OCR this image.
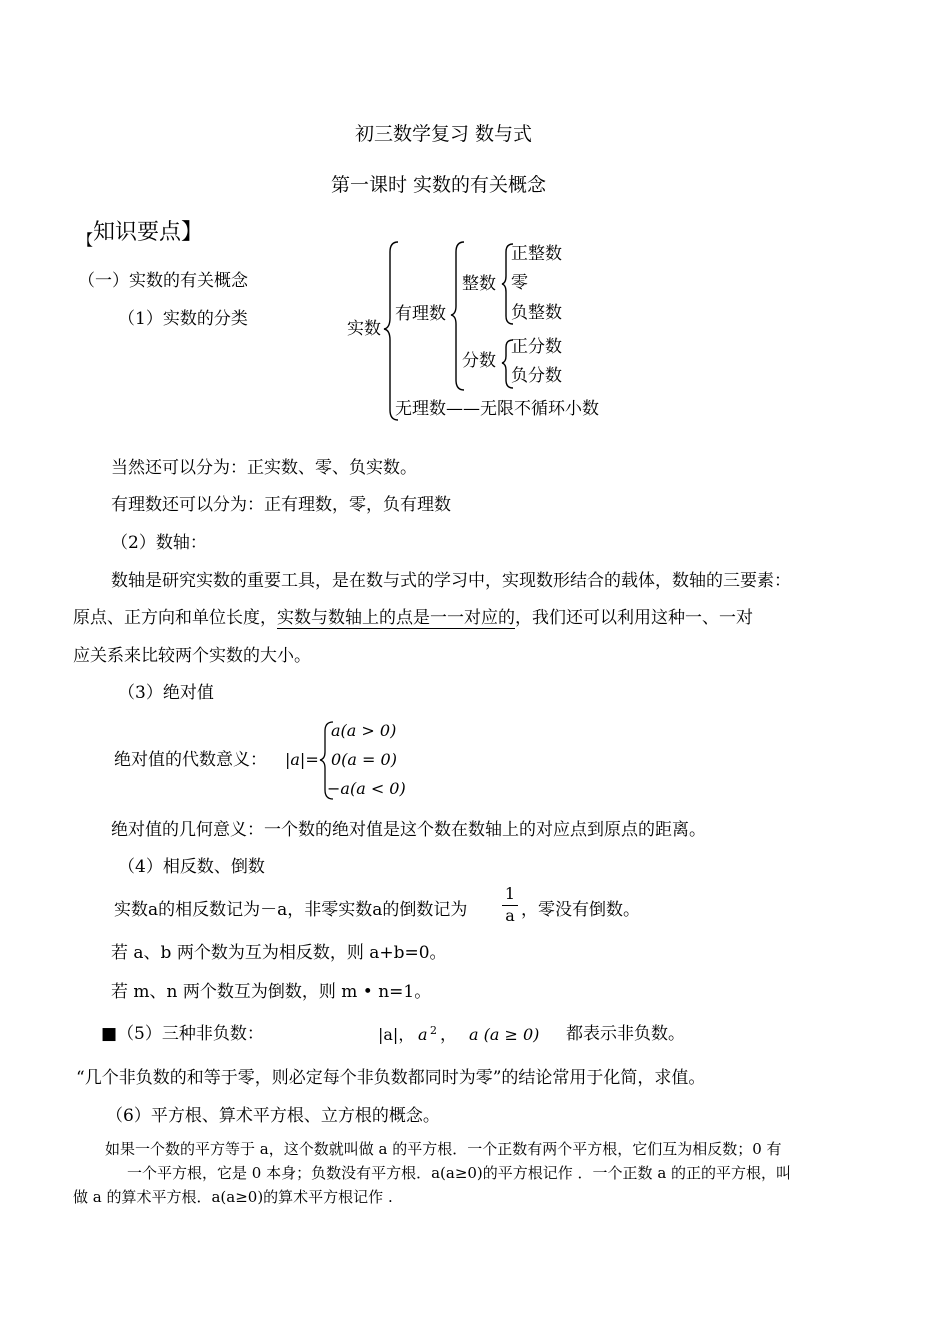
初三数学复习 数与式
第一课时 实数的有关概念
【知识要点】
（一）实数的有关概念
（1）实数的分类	实数
有理数
整数
正整数
零
负整数
分数
正分数
负分数
无理数——无限不循环小数
当然还可以分为：正实数、零、负实数。
有理数还可以分为：正有理数，零，负有理数
（2）数轴：
数轴是研究实数的重要工具，是在数与式的学习中，实现数形结合的载体，数轴的三要素：
原点、正方向和单位长度，实数与数轴上的点是一一对应的，我们还可以利用这种一、一对
应关系来比较两个实数的大小。
（3）绝对值
绝对值的代数意义： |a|=
a(a > 0)
0(a = 0)
−a(a < 0)
绝对值的几何意义：一个数的绝对值是这个数在数轴上的对应点到原点的距离。
（4）相反数、倒数
实数a的相反数记为－a，非零实数a的倒数记为
1
a ，零没有倒数。
若 a、b 两个数为互为相反数，则 a+b=0。
若 m、n 两个数互为倒数，则 m • n=1。
■（5）三种非负数：	|a|， a 2 ， a (a ≥ 0) 都表示非负数。
“几个非负数的和等于零，则必定每个非负数都同时为零”的结论常用于化简，求值。
（6）平方根、算术平方根、立方根的概念。
如果一个数的平方等于 a，这个数就叫做 a 的平方根．一个正数有两个平方根，它们互为相反数；0 有
一个平方根，它是 0 本身；负数没有平方根．a(a≥0)的平方根记作 ．一个正数 a 的正的平方根，叫
做 a 的算术平方根．a(a≥0)的算术平方根记作 .
